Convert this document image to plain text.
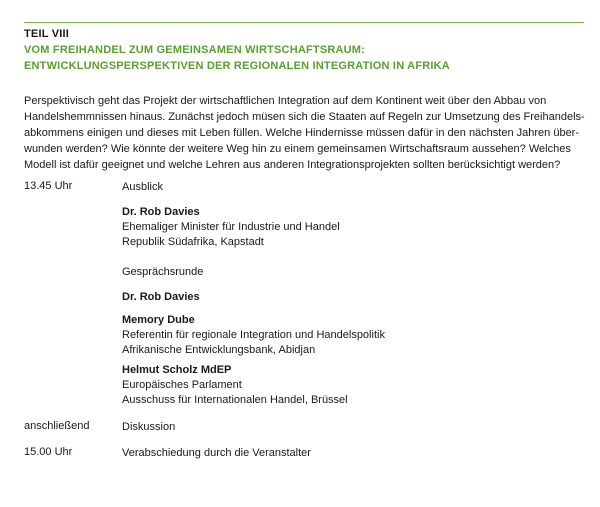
TEIL VIII
VOM FREIHANDEL ZUM GEMEINSAMEN WIRTSCHAFTSRAUM:
ENTWICKLUNGSPERSPEKTIVEN DER REGIONALEN INTEGRATION IN AFRIKA
Perspektivisch geht das Projekt der wirtschaftlichen Integration auf dem Kontinent weit über den Abbau von
Handelshemmnissen hinaus. Zunächst jedoch müsen sich die Staaten auf Regeln zur Umsetzung des Freihandels-
abkommens einigen und dieses mit Leben füllen. Welche Hindernisse müssen dafür in den nächsten Jahren über-
wunden werden? Wie könnte der weitere Weg hin zu einem gemeinsamen Wirtschaftsraum aussehen? Welches
Modell ist dafür geeignet und welche Lehren aus anderen Integrationsprojekten sollten berücksichtigt werden?
13.45 Uhr	Ausblick
Dr. Rob Davies
Ehemaliger Minister für Industrie und Handel
Republik Südafrika, Kapstadt
Gesprächsrunde
Dr. Rob Davies
Memory Dube
Referentin für regionale Integration und Handelspolitik
Afrikanische Entwicklungsbank, Abidjan
Helmut Scholz MdEP
Europäisches Parlament
Ausschuss für Internationalen Handel, Brüssel
anschließend	Diskussion
15.00 Uhr	Verabschiedung durch die Veranstalter
